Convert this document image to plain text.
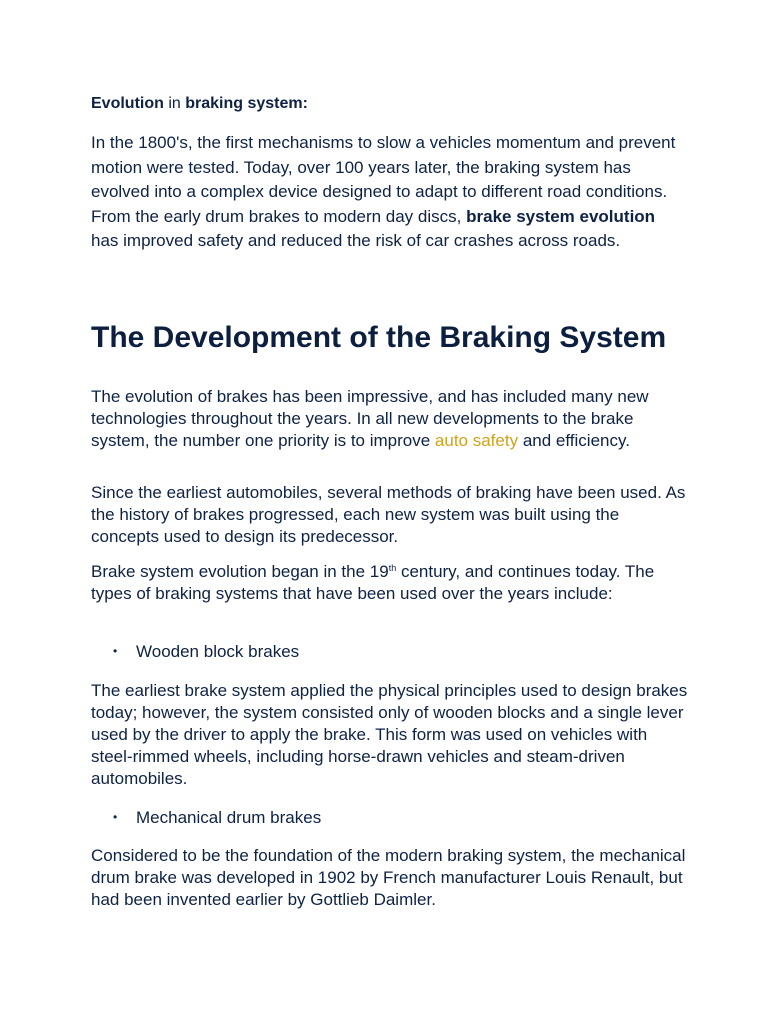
Evolution in braking system:

In the 1800's, the first mechanisms to slow a vehicles momentum and prevent motion were tested. Today, over 100 years later, the braking system has evolved into a complex device designed to adapt to different road conditions. From the early drum brakes to modern day discs, brake system evolution has improved safety and reduced the risk of car crashes across roads.

The Development of the Braking System

The evolution of brakes has been impressive, and has included many new technologies throughout the years. In all new developments to the brake system, the number one priority is to improve auto safety and efficiency.

Since the earliest automobiles, several methods of braking have been used. As the history of brakes progressed, each new system was built using the concepts used to design its predecessor.

Brake system evolution began in the 19th century, and continues today. The types of braking systems that have been used over the years include:

• Wooden block brakes

The earliest brake system applied the physical principles used to design brakes today; however, the system consisted only of wooden blocks and a single lever used by the driver to apply the brake. This form was used on vehicles with steel-rimmed wheels, including horse-drawn vehicles and steam-driven automobiles.

• Mechanical drum brakes

Considered to be the foundation of the modern braking system, the mechanical drum brake was developed in 1902 by French manufacturer Louis Renault, but had been invented earlier by Gottlieb Daimler.
